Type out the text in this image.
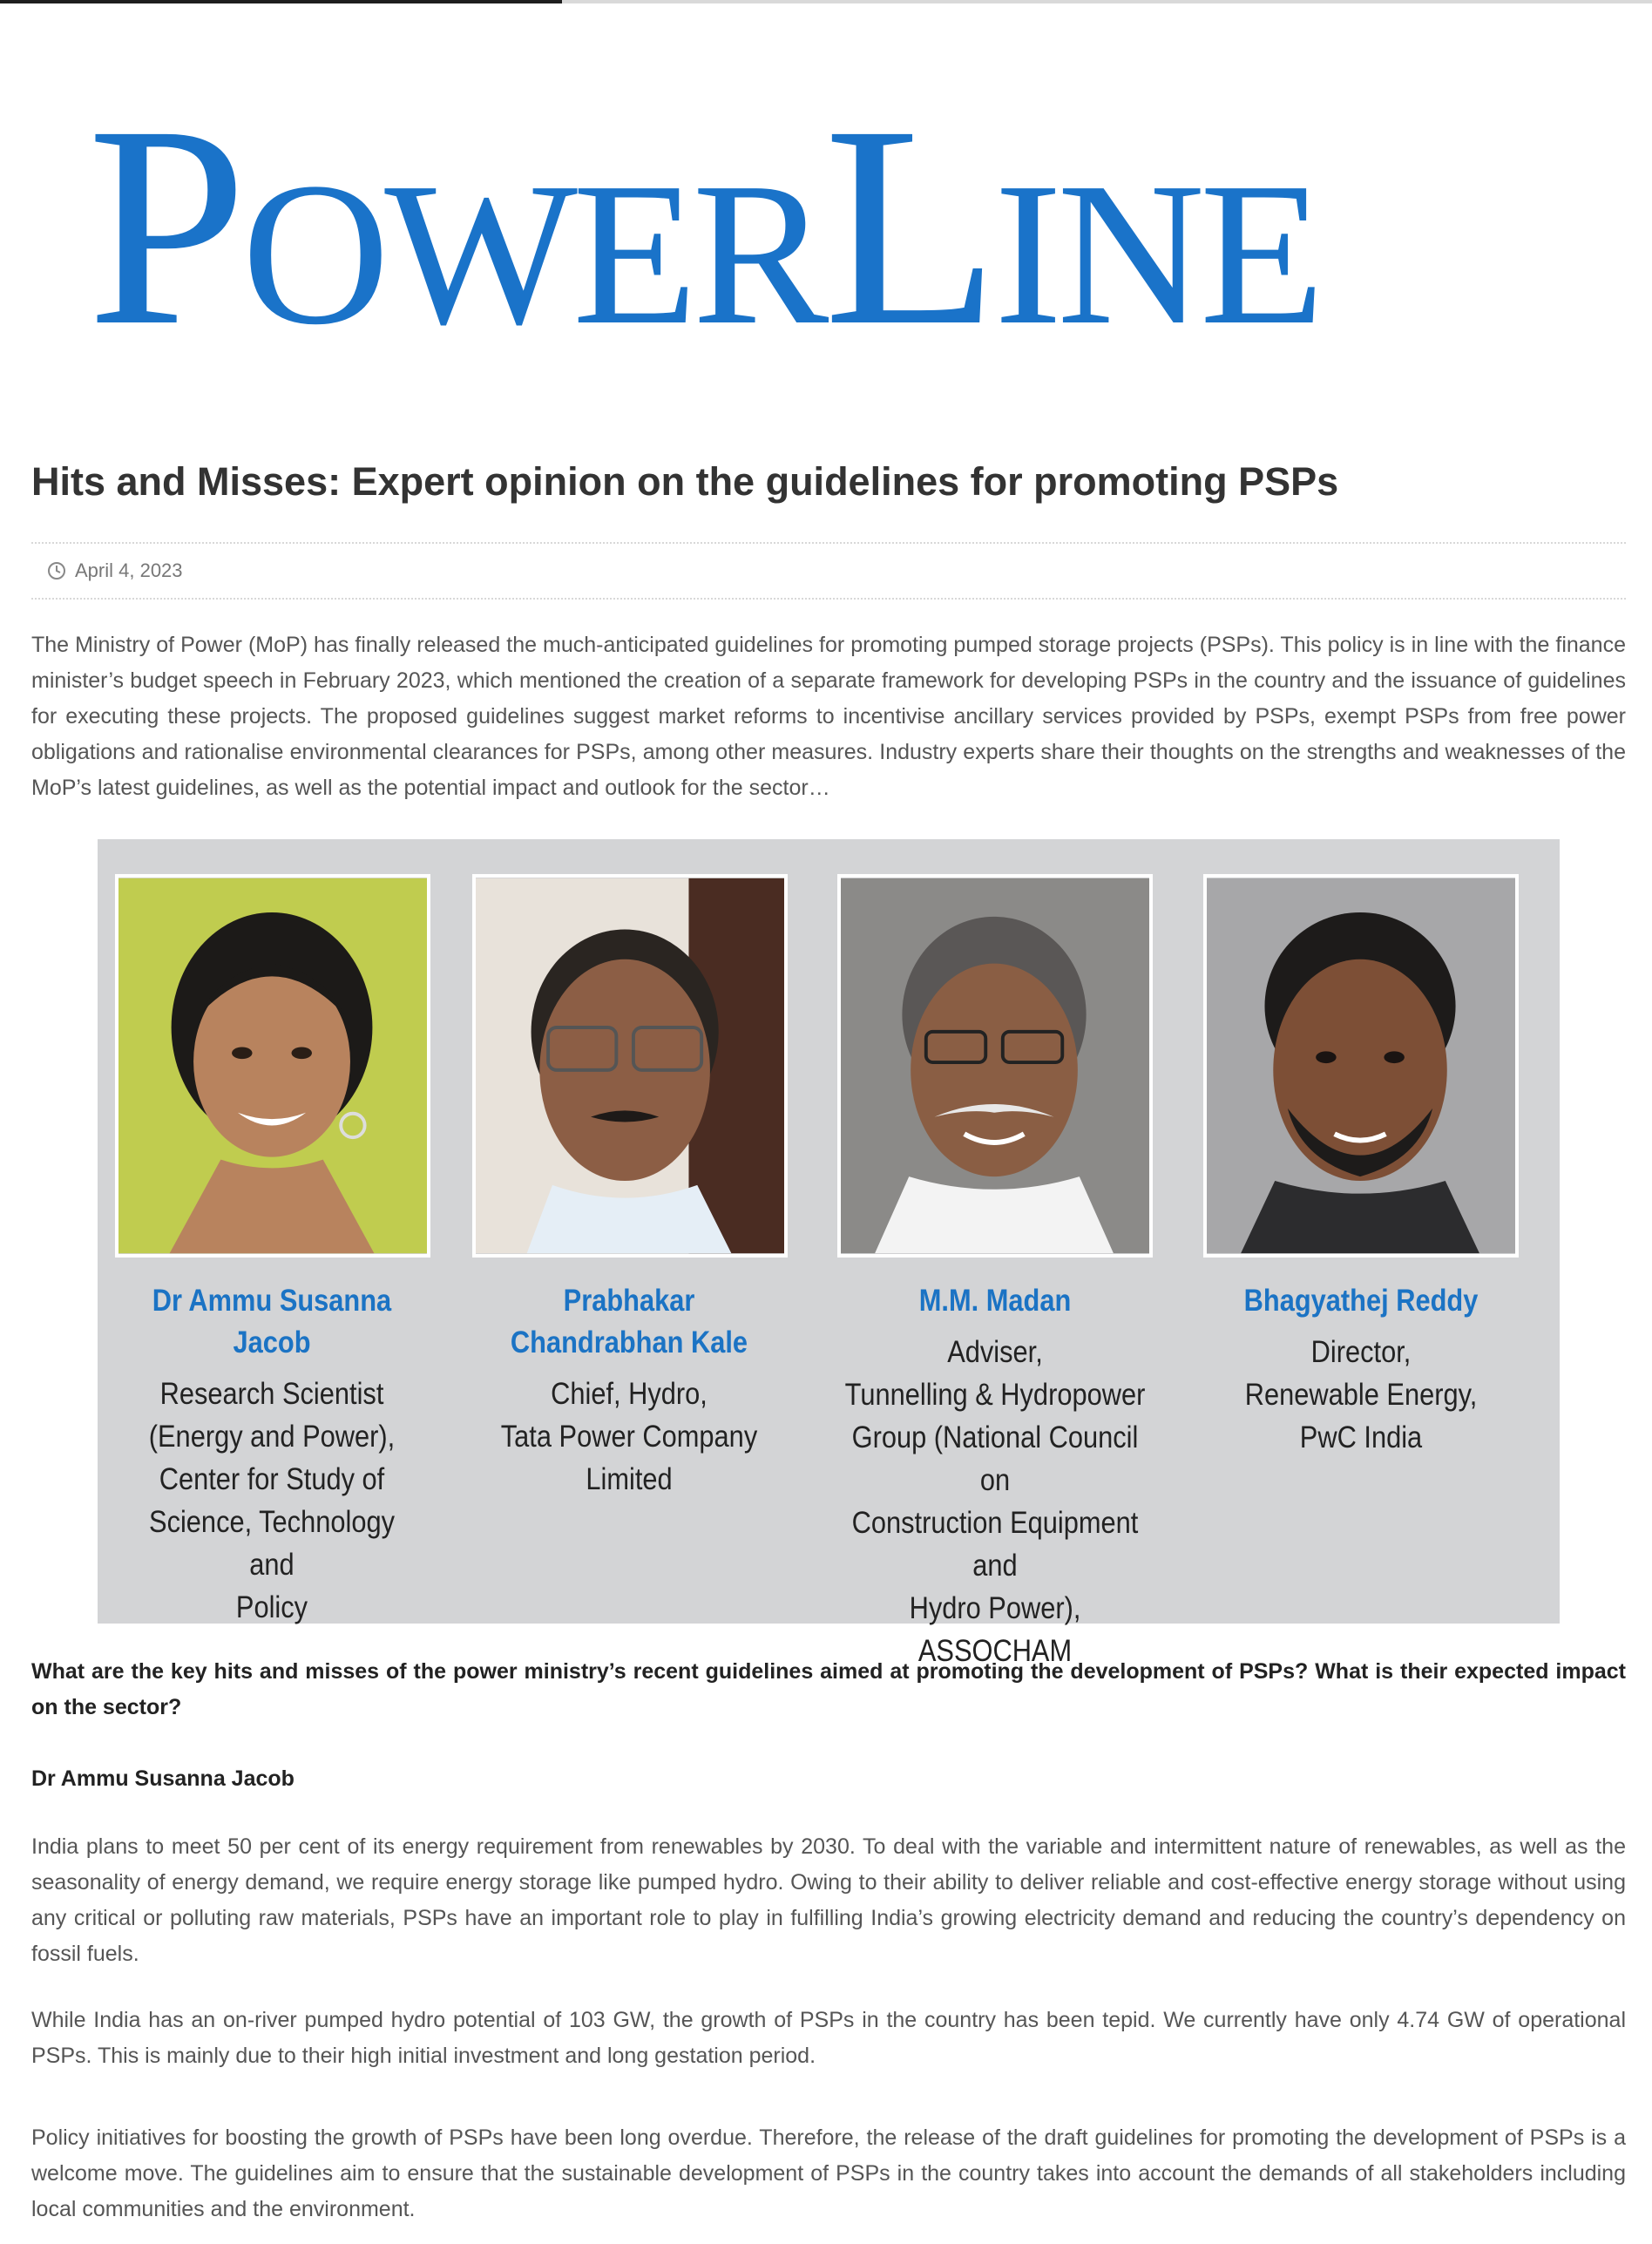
POWERLINE
Hits and Misses: Expert opinion on the guidelines for promoting PSPs
April 4, 2023

The Ministry of Power (MoP) has finally released the much-anticipated guidelines for promoting pumped storage projects (PSPs). This policy is in line with the finance minister’s budget speech in February 2023, which mentioned the creation of a separate framework for developing PSPs in the country and the issuance of guidelines for executing these projects. The proposed guidelines suggest market reforms to incentivise ancillary services provided by PSPs, exempt PSPs from free power obligations and rationalise environmental clearances for PSPs, among other measures. Industry experts share their thoughts on the strengths and weaknesses of the MoP’s latest guidelines, as well as the potential impact and outlook for the sector…

Dr Ammu Susanna
Jacob
Research Scientist
(Energy and Power),
Center for Study of
Science, Technology and
Policy
Prabhakar
Chandrabhan Kale
Chief, Hydro,
Tata Power Company
Limited
M.M. Madan
Adviser,
Tunnelling & Hydropower
Group (National Council on
Construction Equipment and
Hydro Power), ASSOCHAM
Bhagyathej Reddy
Director,
Renewable Energy,
PwC India

What are the key hits and misses of the power ministry’s recent guidelines aimed at promoting the development of PSPs? What is their expected impact on the sector?

Dr Ammu Susanna Jacob

India plans to meet 50 per cent of its energy requirement from renewables by 2030. To deal with the variable and intermittent nature of renewables, as well as the seasonality of energy demand, we require energy storage like pumped hydro. Owing to their ability to deliver reliable and cost-effective energy storage without using any critical or polluting raw materials, PSPs have an important role to play in fulfilling India’s growing electricity demand and reducing the country’s dependency on fossil fuels.

While India has an on-river pumped hydro potential of 103 GW, the growth of PSPs in the country has been tepid. We currently have only 4.74 GW of operational PSPs. This is mainly due to their high initial investment and long gestation period.

Policy initiatives for boosting the growth of PSPs have been long overdue. Therefore, the release of the draft guidelines for promoting the development of PSPs is a welcome move. The guidelines aim to ensure that the sustainable development of PSPs in the country takes into account the demands of all stakeholders including local communities and the environment.
